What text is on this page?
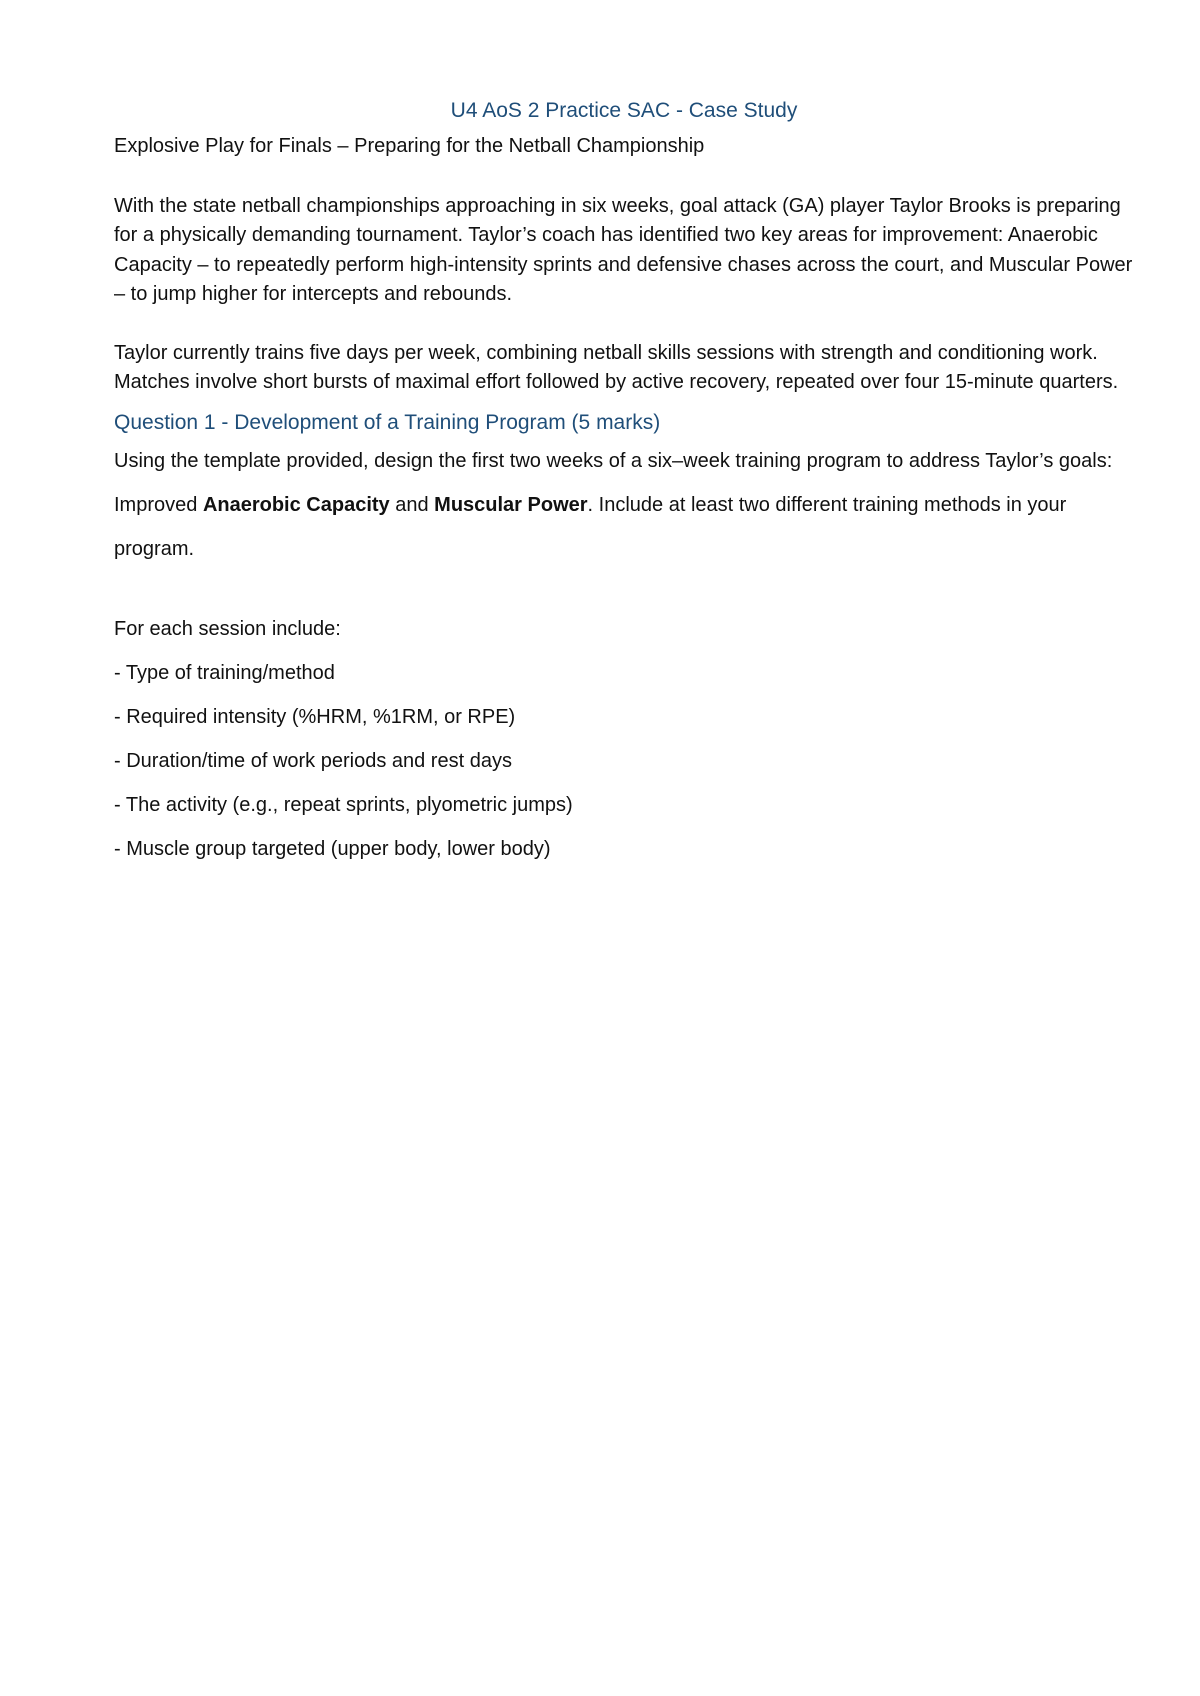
U4 AoS 2 Practice SAC - Case Study

Explosive Play for Finals – Preparing for the Netball Championship

With the state netball championships approaching in six weeks, goal attack (GA) player Taylor Brooks is preparing for a physically demanding tournament. Taylor’s coach has identified two key areas for improvement: Anaerobic Capacity – to repeatedly perform high-intensity sprints and defensive chases across the court, and Muscular Power – to jump higher for intercepts and rebounds.

Taylor currently trains five days per week, combining netball skills sessions with strength and conditioning work. Matches involve short bursts of maximal effort followed by active recovery, repeated over four 15-minute quarters.

Question 1 - Development of a Training Program (5 marks)

Using the template provided, design the first two weeks of a six–week training program to address Taylor’s goals: Improved Anaerobic Capacity and Muscular Power. Include at least two different training methods in your program.

For each session include:

- Type of training/method
- Required intensity (%HRM, %1RM, or RPE)
- Duration/time of work periods and rest days
- The activity (e.g., repeat sprints, plyometric jumps)
- Muscle group targeted (upper body, lower body)
